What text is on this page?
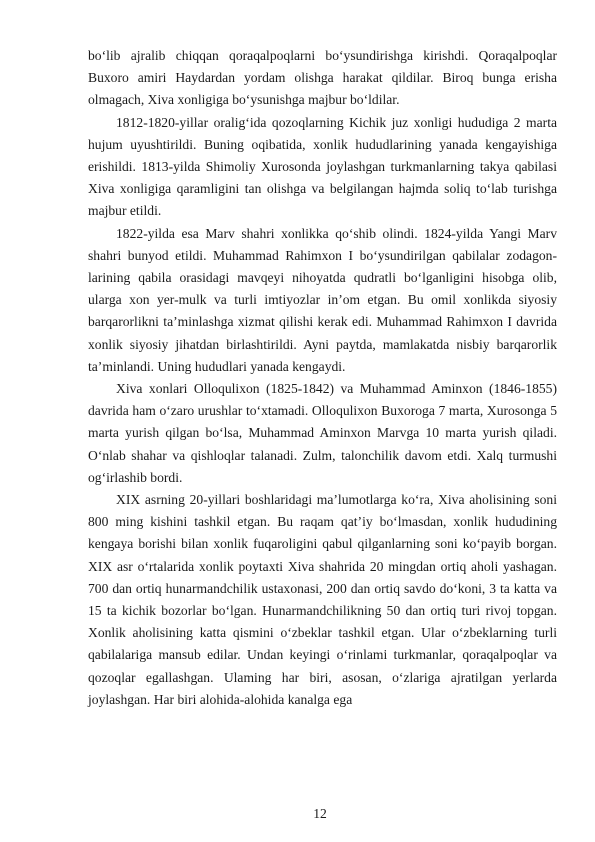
bo‘lib ajralib chiqqan qoraqalpoqlarni bo‘ysundirishga kirishdi. Qoraqalpoqlar Buxoro amiri Haydardan yordam olishga harakat qildilar. Biroq bunga erisha olmagach, Xiva xonligiga bo‘ysunishga majbur bo‘ldilar.

1812-1820-yillar oralig‘ida qozoqlarning Kichik juz xonligi hududiga 2 marta hujum uyushtirildi. Buning oqibatida, xonlik hududlarining yanada kengayishiga erishildi. 1813-yilda Shimoliy Xurosonda joylashgan turkmanlarning takya qabilasi Xiva xonligiga qaramligini tan olishga va belgilangan hajmda soliq to‘lab turishga majbur etildi.

1822-yilda esa Marv shahri xonlikka qo‘shib olindi. 1824-yilda Yangi Marv shahri bunyod etildi. Muhammad Rahimxon I bo‘ysundirilgan qabilalar zodagon-larining qabila orasidagi mavqeyi nihoyatda qudratli bo‘lganligini hisobga olib, ularga xon yer-mulk va turli imtiyozlar in’om etgan. Bu omil xonlikda siyosiy barqarorlikni ta’minlashga xizmat qilishi kerak edi. Muhammad Rahimxon I davrida xonlik siyosiy jihatdan birlashtirildi. Ayni paytda, mamlakatda nisbiy barqarorlik ta’minlandi. Uning hududlari yanada kengaydi.

Xiva xonlari Olloqulixon (1825-1842) va Muhammad Aminxon (1846-1855) davrida ham o‘zaro urushlar to‘xtamadi. Olloqulixon Buxoroga 7 marta, Xurosonga 5 marta yurish qilgan bo‘lsa, Muhammad Aminxon Marvga 10 marta yurish qiladi. O‘nlab shahar va qishloqlar talanadi. Zulm, talonchilik davom etdi. Xalq turmushi og‘irlashib bordi.

XIX asrning 20-yillari boshlaridagi ma’lumotlarga ko‘ra, Xiva aholisining soni 800 ming kishini tashkil etgan. Bu raqam qat’iy bo‘lmasdan, xonlik hududining kengaya borishi bilan xonlik fuqaroligini qabul qilganlarning soni ko‘payib borgan. XIX asr o‘rtalarida xonlik poytaxti Xiva shahrida 20 mingdan ortiq aholi yashagan. 700 dan ortiq hunarmandchilik ustaxonasi, 200 dan ortiq savdo do‘koni, 3 ta katta va 15 ta kichik bozorlar bo‘lgan. Hunarmandchilikning 50 dan ortiq turi rivoj topgan. Xonlik aholisining katta qismini o‘zbeklar tashkil etgan. Ular o‘zbeklarning turli qabilalariga mansub edilar. Undan keyingi o‘rinlami turkmanlar, qoraqalpoqlar va qozoqlar egallashgan. Ulaming har biri, asosan, o‘zlariga ajratilgan yerlarda joylashgan. Har biri alohida-alohida kanalga ega

12
